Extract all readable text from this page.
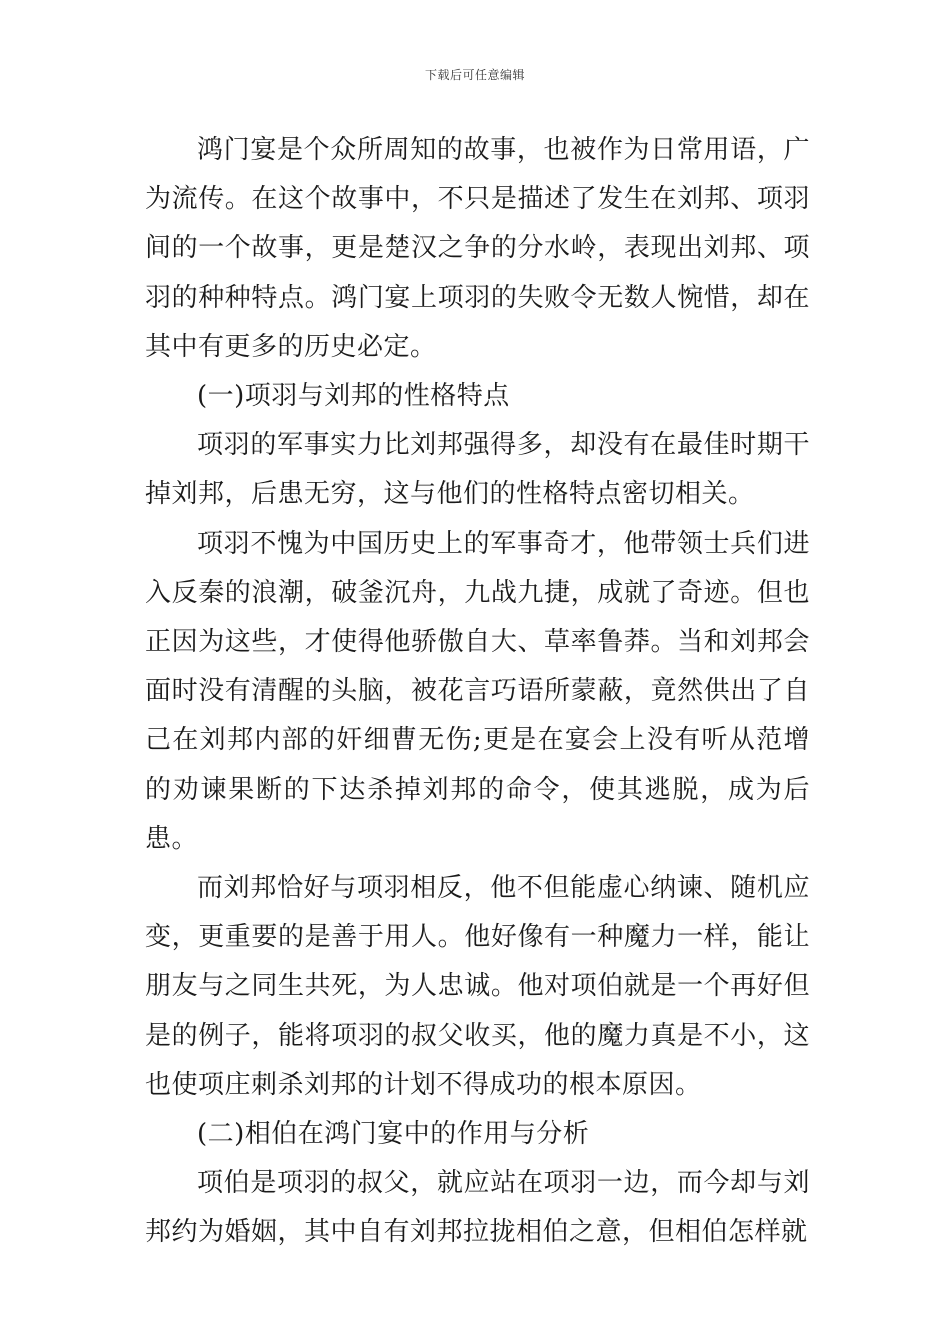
下载后可任意编辑

鸿门宴是个众所周知的故事，也被作为日常用语，广为流传。在这个故事中，不只是描述了发生在刘邦、项羽间的一个故事，更是楚汉之争的分水岭，表现出刘邦、项羽的种种特点。鸿门宴上项羽的失败令无数人惋惜，却在其中有更多的历史必定。

(一)项羽与刘邦的性格特点

项羽的军事实力比刘邦强得多，却没有在最佳时期干掉刘邦，后患无穷，这与他们的性格特点密切相关。

项羽不愧为中国历史上的军事奇才，他带领士兵们进入反秦的浪潮，破釜沉舟，九战九捷，成就了奇迹。但也正因为这些，才使得他骄傲自大、草率鲁莽。当和刘邦会面时没有清醒的头脑，被花言巧语所蒙蔽，竟然供出了自己在刘邦内部的奸细曹无伤;更是在宴会上没有听从范增的劝谏果断的下达杀掉刘邦的命令，使其逃脱，成为后患。

而刘邦恰好与项羽相反，他不但能虚心纳谏、随机应变，更重要的是善于用人。他好像有一种魔力一样，能让朋友与之同生共死，为人忠诚。他对项伯就是一个再好但是的例子，能将项羽的叔父收买，他的魔力真是不小，这也使项庄刺杀刘邦的计划不得成功的根本原因。

(二)相伯在鸿门宴中的作用与分析

项伯是项羽的叔父，就应站在项羽一边，而今却与刘邦约为婚姻，其中自有刘邦拉拢相伯之意，但相伯怎样就
